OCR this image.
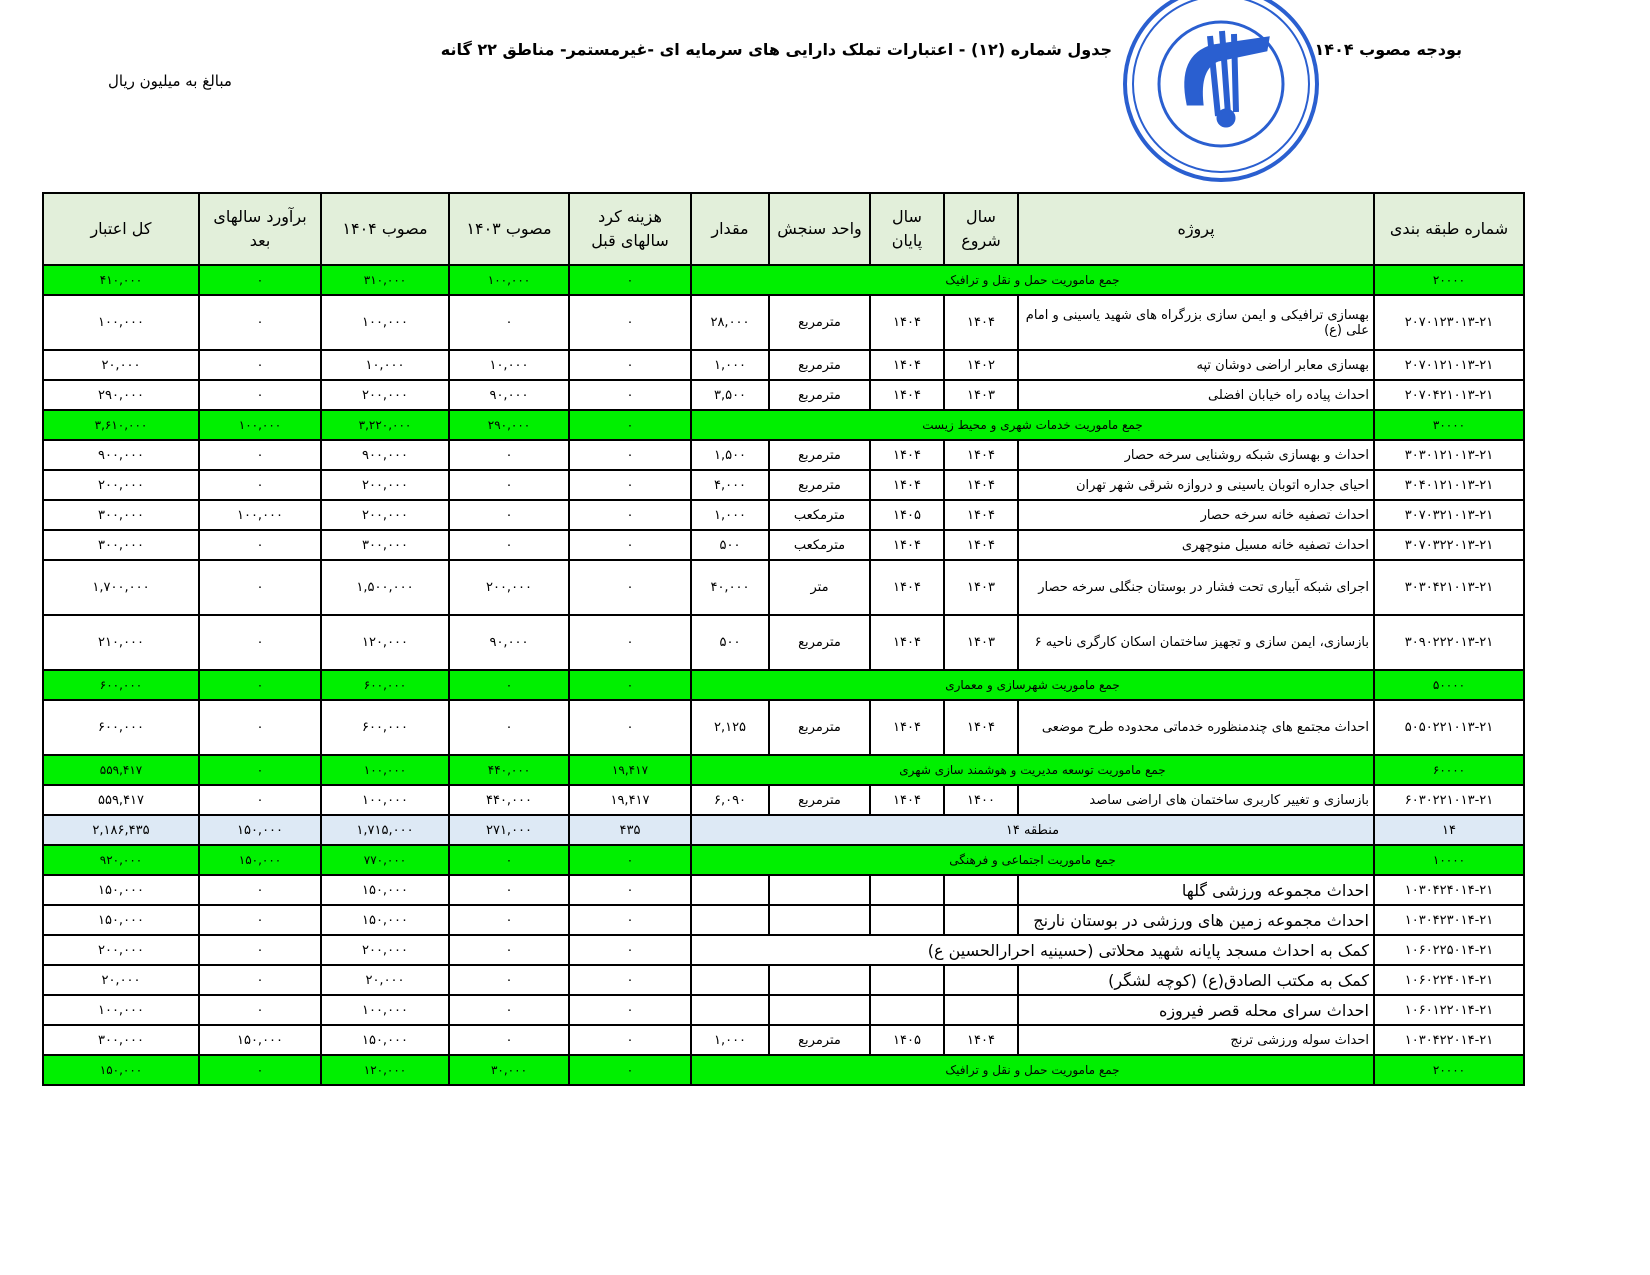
بودجه مصوب ۱۴۰۴
جدول شماره (۱۲) - اعتبارات تملک دارایی های سرمایه ای -غیرمستمر- مناطق ۲۲ گانه
مبالغ به میلیون ریال
شماره طبقه بندی	پروژه	سال شروع	سال پایان	واحد سنجش	مقدار	هزینه کرد سالهای قبل	مصوب ۱۴۰۳	مصوب ۱۴۰۴	برآورد سالهای بعد	کل اعتبار
۲۰۰۰۰	جمع ماموریت حمل و نقل و ترافیک					۰	۱۰۰,۰۰۰	۳۱۰,۰۰۰	۰	۴۱۰,۰۰۰
۲۰۷۰۱۲۳۰۱۳-۲۱	بهسازی ترافیکی و ایمن سازی بزرگراه های شهید یاسینی و امام علی (ع)	۱۴۰۴	۱۴۰۴	مترمربع	۲۸,۰۰۰	۰	۰	۱۰۰,۰۰۰	۰	۱۰۰,۰۰۰
۲۰۷۰۱۲۱۰۱۳-۲۱	بهسازی معابر اراضی دوشان تپه	۱۴۰۲	۱۴۰۴	مترمربع	۱,۰۰۰	۰	۱۰,۰۰۰	۱۰,۰۰۰	۰	۲۰,۰۰۰
۲۰۷۰۴۲۱۰۱۳-۲۱	احداث پیاده راه خیابان افضلی	۱۴۰۳	۱۴۰۴	مترمربع	۳,۵۰۰	۰	۹۰,۰۰۰	۲۰۰,۰۰۰	۰	۲۹۰,۰۰۰
۳۰۰۰۰	جمع ماموریت خدمات شهری و محیط زیست					۰	۲۹۰,۰۰۰	۳,۲۲۰,۰۰۰	۱۰۰,۰۰۰	۳,۶۱۰,۰۰۰
۳۰۳۰۱۲۱۰۱۳-۲۱	احداث و بهسازی شبکه روشنایی سرخه حصار	۱۴۰۴	۱۴۰۴	مترمربع	۱,۵۰۰	۰	۰	۹۰۰,۰۰۰	۰	۹۰۰,۰۰۰
۳۰۴۰۱۲۱۰۱۳-۲۱	احیای جداره اتوبان یاسینی و دروازه شرقی شهر تهران	۱۴۰۴	۱۴۰۴	مترمربع	۴,۰۰۰	۰	۰	۲۰۰,۰۰۰	۰	۲۰۰,۰۰۰
۳۰۷۰۳۲۱۰۱۳-۲۱	احداث تصفیه خانه سرخه حصار	۱۴۰۴	۱۴۰۵	مترمکعب	۱,۰۰۰	۰	۰	۲۰۰,۰۰۰	۱۰۰,۰۰۰	۳۰۰,۰۰۰
۳۰۷۰۳۲۲۰۱۳-۲۱	احداث تصفیه خانه مسیل منوچهری	۱۴۰۴	۱۴۰۴	مترمکعب	۵۰۰	۰	۰	۳۰۰,۰۰۰	۰	۳۰۰,۰۰۰
۳۰۳۰۴۲۱۰۱۳-۲۱	اجرای شبکه آبیاری تحت فشار در بوستان جنگلی سرخه حصار	۱۴۰۳	۱۴۰۴	متر	۴۰,۰۰۰	۰	۲۰۰,۰۰۰	۱,۵۰۰,۰۰۰	۰	۱,۷۰۰,۰۰۰
۳۰۹۰۲۲۲۰۱۳-۲۱	بازسازی، ایمن سازی و تجهیز ساختمان اسکان کارگری ناحیه ۶	۱۴۰۳	۱۴۰۴	مترمربع	۵۰۰	۰	۹۰,۰۰۰	۱۲۰,۰۰۰	۰	۲۱۰,۰۰۰
۵۰۰۰۰	جمع ماموریت شهرسازی و معماری					۰	۰	۶۰۰,۰۰۰	۰	۶۰۰,۰۰۰
۵۰۵۰۲۲۱۰۱۳-۲۱	احداث مجتمع های چندمنظوره خدماتی محدوده طرح موضعی	۱۴۰۴	۱۴۰۴	مترمربع	۲,۱۲۵	۰	۰	۶۰۰,۰۰۰	۰	۶۰۰,۰۰۰
۶۰۰۰۰	جمع ماموریت توسعه مدیریت و هوشمند سازی شهری					۱۹,۴۱۷	۴۴۰,۰۰۰	۱۰۰,۰۰۰	۰	۵۵۹,۴۱۷
۶۰۳۰۲۲۱۰۱۳-۲۱	بازسازی و تغییر کاربری ساختمان های اراضی ساصد	۱۴۰۰	۱۴۰۴	مترمربع	۶,۰۹۰	۱۹,۴۱۷	۴۴۰,۰۰۰	۱۰۰,۰۰۰	۰	۵۵۹,۴۱۷
۱۴	منطقه ۱۴					۴۳۵	۲۷۱,۰۰۰	۱,۷۱۵,۰۰۰	۱۵۰,۰۰۰	۲,۱۸۶,۴۳۵
۱۰۰۰۰	جمع ماموریت اجتماعی و فرهنگی					۰	۰	۷۷۰,۰۰۰	۱۵۰,۰۰۰	۹۲۰,۰۰۰
۱۰۳۰۴۲۴۰۱۴-۲۱	احداث مجموعه ورزشی گلها					۰	۰	۱۵۰,۰۰۰	۰	۱۵۰,۰۰۰
۱۰۳۰۴۲۳۰۱۴-۲۱	احداث مجموعه زمین های ورزشی در بوستان نارنج					۰	۰	۱۵۰,۰۰۰	۰	۱۵۰,۰۰۰
۱۰۶۰۲۲۵۰۱۴-۲۱	کمک به احداث مسجد پایانه شهید محلاتی (حسینیه احرارالحسین ع)					۰	۰	۲۰۰,۰۰۰	۰	۲۰۰,۰۰۰
۱۰۶۰۲۲۴۰۱۴-۲۱	کمک به مکتب الصادق(ع) (کوچه لشگر)					۰	۰	۲۰,۰۰۰	۰	۲۰,۰۰۰
۱۰۶۰۱۲۲۰۱۴-۲۱	احداث سرای محله قصر فیروزه					۰	۰	۱۰۰,۰۰۰	۰	۱۰۰,۰۰۰
۱۰۳۰۴۲۲۰۱۴-۲۱	احداث سوله ورزشی ترنج	۱۴۰۴	۱۴۰۵	مترمربع	۱,۰۰۰	۰	۰	۱۵۰,۰۰۰	۱۵۰,۰۰۰	۳۰۰,۰۰۰
۲۰۰۰۰	جمع ماموریت حمل و نقل و ترافیک					۰	۳۰,۰۰۰	۱۲۰,۰۰۰	۰	۱۵۰,۰۰۰
